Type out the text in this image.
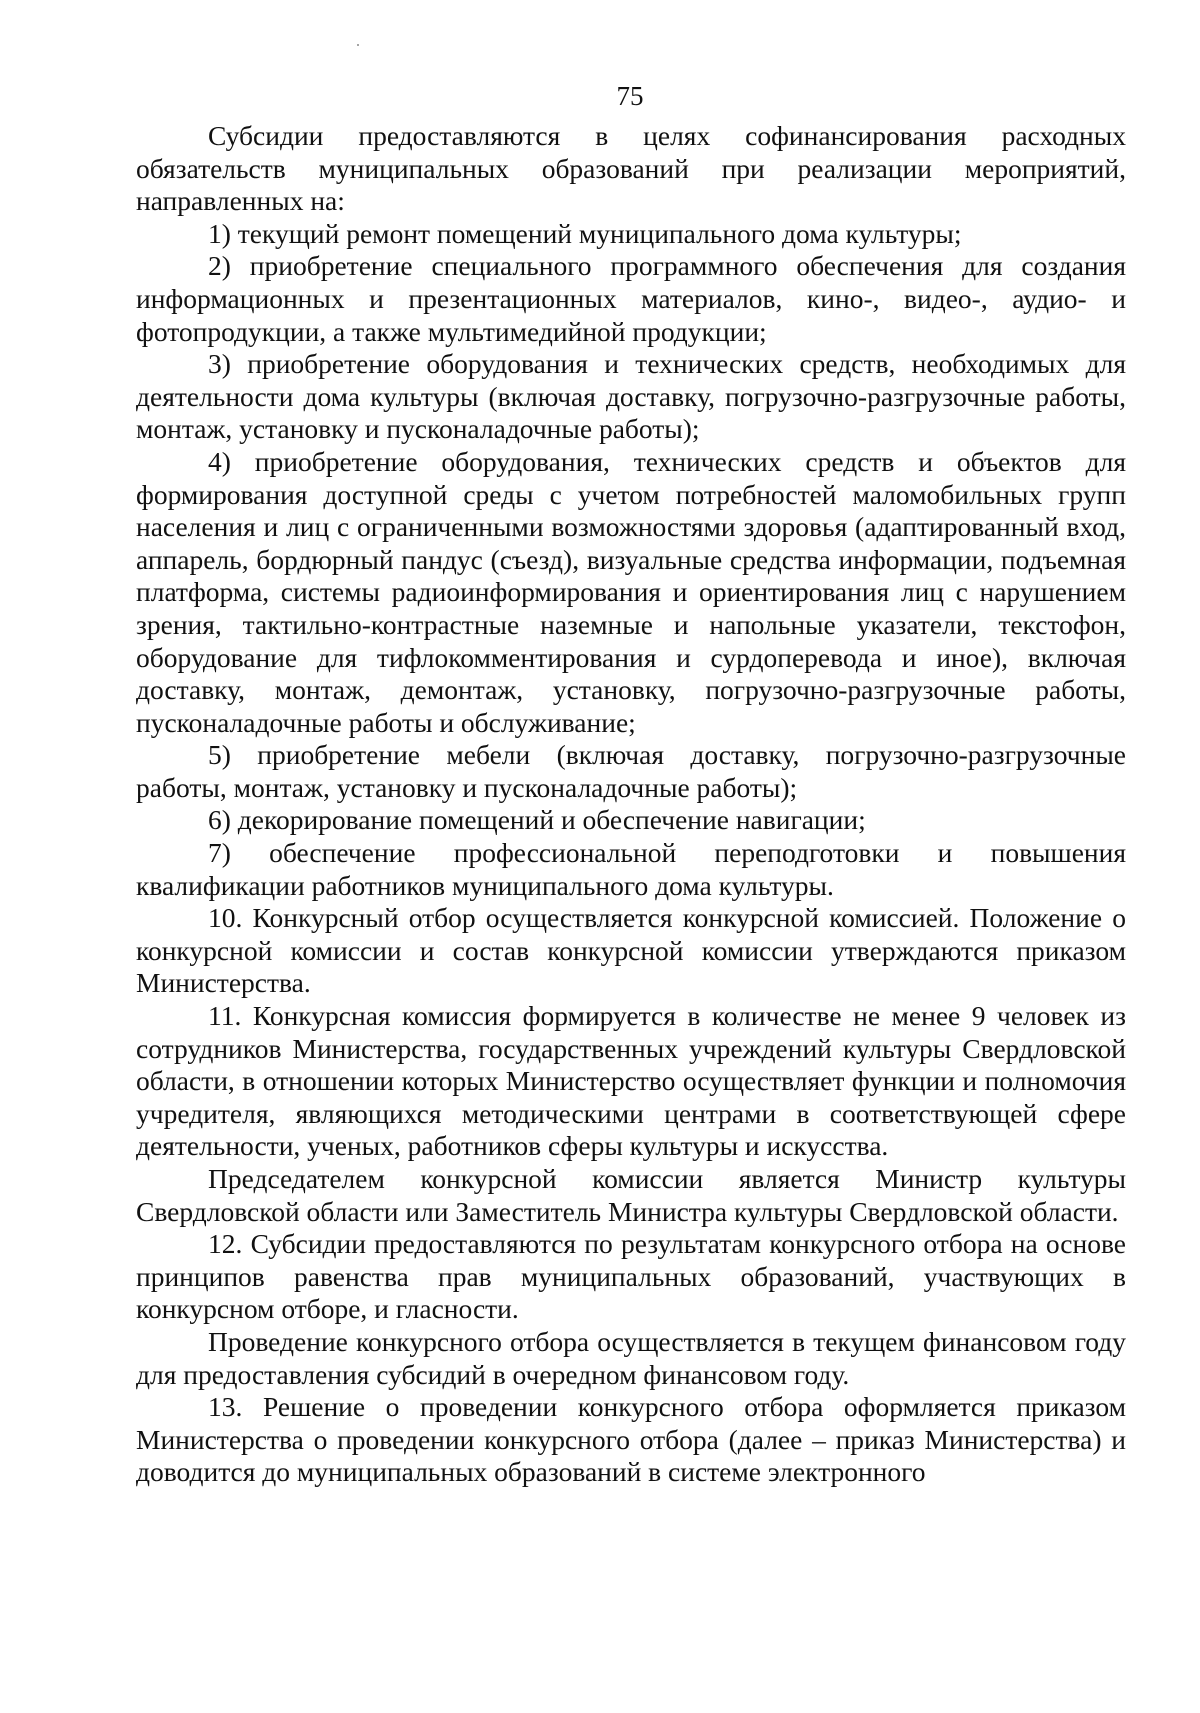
75

Субсидии предоставляются в целях софинансирования расходных обязательств муниципальных образований при реализации мероприятий, направленных на:

1) текущий ремонт помещений муниципального дома культуры;

2) приобретение специального программного обеспечения для создания информационных и презентационных материалов, кино-, видео-, аудио- и фотопродукции, а также мультимедийной продукции;

3) приобретение оборудования и технических средств, необходимых для деятельности дома культуры (включая доставку, погрузочно-разгрузочные работы, монтаж, установку и пусконаладочные работы);

4) приобретение оборудования, технических средств и объектов для формирования доступной среды с учетом потребностей маломобильных групп населения и лиц с ограниченными возможностями здоровья (адаптированный вход, аппарель, бордюрный пандус (съезд), визуальные средства информации, подъемная платформа, системы радиоинформирования и ориентирования лиц с нарушением зрения, тактильно-контрастные наземные и напольные указатели, текстофон, оборудование для тифлокомментирования и сурдоперевода и иное), включая доставку, монтаж, демонтаж, установку, погрузочно-разгрузочные работы, пусконаладочные работы и обслуживание;

5) приобретение мебели (включая доставку, погрузочно-разгрузочные работы, монтаж, установку и пусконаладочные работы);

6) декорирование помещений и обеспечение навигации;

7) обеспечение профессиональной переподготовки и повышения квалификации работников муниципального дома культуры.

10. Конкурсный отбор осуществляется конкурсной комиссией. Положение о конкурсной комиссии и состав конкурсной комиссии утверждаются приказом Министерства.

11. Конкурсная комиссия формируется в количестве не менее 9 человек из сотрудников Министерства, государственных учреждений культуры Свердловской области, в отношении которых Министерство осуществляет функции и полномочия учредителя, являющихся методическими центрами в соответствующей сфере деятельности, ученых, работников сферы культуры и искусства.

Председателем конкурсной комиссии является Министр культуры Свердловской области или Заместитель Министра культуры Свердловской области.

12. Субсидии предоставляются по результатам конкурсного отбора на основе принципов равенства прав муниципальных образований, участвующих в конкурсном отборе, и гласности.

Проведение конкурсного отбора осуществляется в текущем финансовом году для предоставления субсидий в очередном финансовом году.

13. Решение о проведении конкурсного отбора оформляется приказом Министерства о проведении конкурсного отбора (далее – приказ Министерства) и доводится до муниципальных образований в системе электронного
